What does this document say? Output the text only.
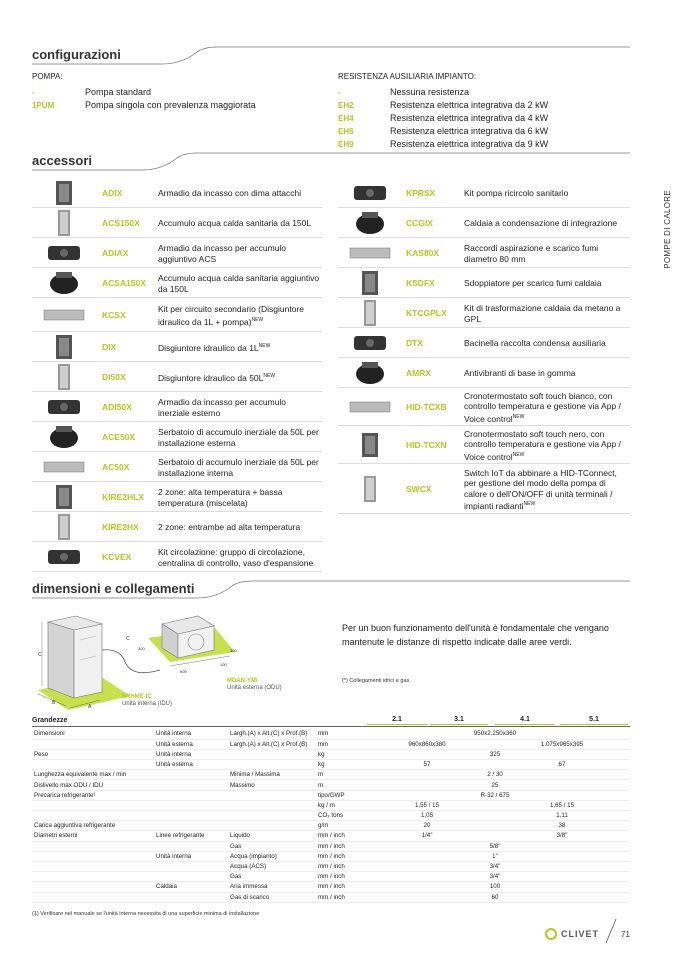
configurazioni
POMPA:
-	Pompa standard
1PUM	Pompa singola con prevalenza maggiorata
RESISTENZA AUSILIARIA IMPIANTO:
-	Nessuna resistenza
EH2	Resistenza elettrica integrativa da 2 kW
EH4	Resistenza elettrica integrativa da 4 kW
EH6	Resistenza elettrica integrativa da 6 kW
EH9	Resistenza elettrica integrativa da 9 kW
POMPE DI CALORE
accessori
ADIX	Armadio da incasso con dima attacchi
ACS150X Accumulo acqua calda sanitaria da 150L
ADIAX	Armadio da incasso per accumulo aggiuntivo ACS
ACSA150X Accumulo acqua calda sanitaria aggiuntivo da 150L
KCSX
Kit per circuito secondario (Disgiuntore idraulico da 1L + pompa)$^{NEW}$
DIX	Disgiuntore idraulico da $1L^{NEW}$
DI50X	Disgiuntore idraulico da $50L^{NEW}$
ADI50X	Armadio da incasso per accumulo inerziale esterno
ACE50X	Serbatoio di accumulo inerziale da 50L per installazione esterna
AC50X	Serbatoio di accumulo inerziale da 50L per installazione interna
KIRE2HLX 2 zone: alta temperatura + bassa temperatura (miscelata)
KIRE2HX 2 zone: entrambe ad alta temperatura
KCVEX	Kit circolazione: gruppo di circolazione, centralina di controllo, vaso d'espansione
KPRSX	Kit pompa ricircolo sanitario
CCGIX	Caldaia a condensazione di integrazione
KAS80X	Raccordi aspirazione e scarico fumi diametro 80 mm
KSDFX	Sdoppiatore per scarico fumi caldaia
KTCGPLX Kit di trasformazione caldaia da metano a GPL
DTX	Bacinella raccolta condensa ausiliaria
AMRX	Antivibranti di base in gomma
HID-TCXB
Cronotermostato soft touch bianco, con controllo temperatura e gestione via App / Voice control$^{NEW}$
HID-TCXN
Cronotermostato soft touch nero, con controllo temperatura e gestione via App / Voice control$^{NEW}$
SWCX
Switch IoT da abbinare a HID-TConnect, per gestione del modo della pompa di calore o dell'ON/OFF di unità terminali / impianti radianti$^{NEW}$
dimensioni e collegamenti
B
A
C
C
300
600
100
300
MDAN-YMi
Unità esterna (ODU)
SRHME-IC
Unità interna (IDU)
Per un buon funzionamento dell'unità è fondamentale che vengano mantenute le distanze di rispetto indicate dalle aree verdi.
(*) Collegamenti idrici e gas
Grandezze	2.1	3.1	4.1	5.1
Dimensioni	Unità interna	Largh.(A) x Alt.(C) x Prof.(B)	mm	950x2.250x360	
	Unità esterna	Largh.(A) x Alt.(C) x Prof.(B)	mm	960x860x380	1.075x965x395
Peso	Unità interna		kg	325	
	Unità esterna		kg	57	67
Lunghezza equivalente max / min		Minima / Massima	m	2 / 30	
Dislivello max ODU / IDU		Massimo	m	25	
Precarica refrigerante¹			tipo/GWP	R-32 / 675	
			kg / m	1,55 / 15	1,65 / 15
			CO₂ tons	1,05	1,11
Carica aggiuntiva refrigerante			g/m	20	38
Diametri esterni	Linee refrigerante	Liquido	mm / inch	1/4"	3/8"
		Gas	mm / inch	5/8"	
	Unità interna	Acqua (impianto)	mm / inch	1"	
		Acqua (ACS)	mm / inch	3/4"	
		Gas	mm / inch	3/4"	
	Caldaia	Aria immessa	mm / inch	100	
		Gas di scarico	mm / inch	60	
(1) Verificare nel manuale se l'unità interna necessita di una superficie minima di installazione
CLIVET	71
